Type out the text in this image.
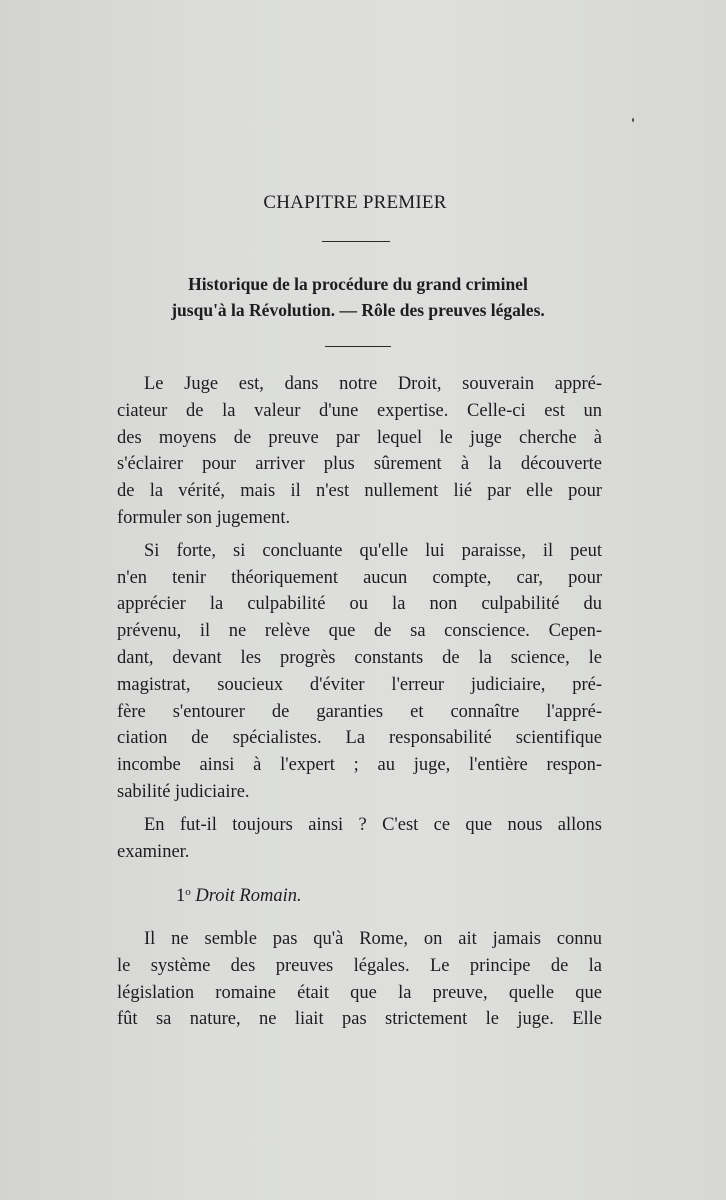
CHAPITRE PREMIER
Historique de la procédure du grand criminel
jusqu'à la Révolution. — Rôle des preuves légales.
Le Juge est, dans notre Droit, souverain appré-
ciateur de la valeur d'une expertise. Celle-ci est un
des moyens de preuve par lequel le juge cherche à
s'éclairer pour arriver plus sûrement à la découverte
de la vérité, mais il n'est nullement lié par elle pour
formuler son jugement.
Si forte, si concluante qu'elle lui paraisse, il peut
n'en tenir théoriquement aucun compte, car, pour
apprécier la culpabilité ou la non culpabilité du
prévenu, il ne relève que de sa conscience. Cepen-
dant, devant les progrès constants de la science, le
magistrat, soucieux d'éviter l'erreur judiciaire, pré-
fère s'entourer de garanties et connaître l'appré-
ciation de spécialistes. La responsabilité scientifique
incombe ainsi à l'expert ; au juge, l'entière respon-
sabilité judiciaire.
En fut-il toujours ainsi ? C'est ce que nous allons
examiner.
1$^o$ Droit Romain.
Il ne semble pas qu'à Rome, on ait jamais connu
le système des preuves légales. Le principe de la
législation romaine était que la preuve, quelle que
fût sa nature, ne liait pas strictement le juge. Elle
